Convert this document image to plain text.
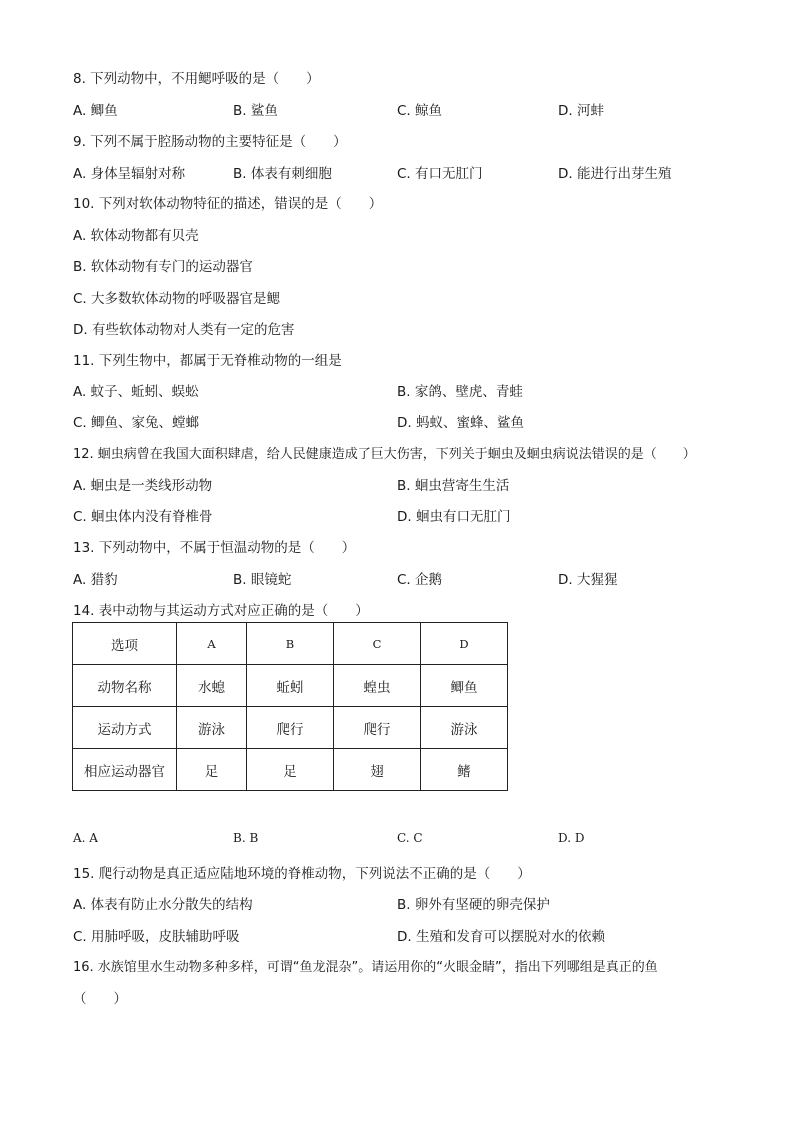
8. 下列动物中，不用鳃呼吸的是（　　）
A. 鲫鱼	B. 鲨鱼	C. 鲸鱼	D. 河蚌
9. 下列不属于腔肠动物的主要特征是（　　）
A. 身体呈辐射对称	B. 体表有刺细胞	C. 有口无肛门	D. 能进行出芽生殖
10. 下列对软体动物特征的描述，错误的是（　　）
A. 软体动物都有贝壳
B. 软体动物有专门的运动器官
C. 大多数软体动物的呼吸器官是鳃
D. 有些软体动物对人类有一定的危害
11. 下列生物中，都属于无脊椎动物的一组是
A. 蚊子、蚯蚓、蜈蚣	B. 家鸽、壁虎、青蛙
C. 鲫鱼、家兔、螳螂	D. 蚂蚁、蜜蜂、鲨鱼
12. 蛔虫病曾在我国大面积肆虐，给人民健康造成了巨大伤害，下列关于蛔虫及蛔虫病说法错误的是（　　）
A. 蛔虫是一类线形动物	B. 蛔虫营寄生生活
C. 蛔虫体内没有脊椎骨	D. 蛔虫有口无肛门
13. 下列动物中，不属于恒温动物的是（　　）
A. 猎豹	B. 眼镜蛇	C. 企鹅	D. 大猩猩
14. 表中动物与其运动方式对应正确的是（　　）
选项	A	B	C	D
动物名称	水螅	蚯蚓	蝗虫	鲫鱼
运动方式	游泳	爬行	爬行	游泳
相应运动器官	足	足	翅	鳍
A. A	B. B	C. C	D. D
15. 爬行动物是真正适应陆地环境的脊椎动物，下列说法不正确的是（　　）
A. 体表有防止水分散失的结构	B. 卵外有坚硬的卵壳保护
C. 用肺呼吸，皮肤辅助呼吸	D. 生殖和发育可以摆脱对水的依赖
16. 水族馆里水生动物多种多样，可谓“鱼龙混杂”。请运用你的“火眼金睛”，指出下列哪组是真正的鱼
（　　）
